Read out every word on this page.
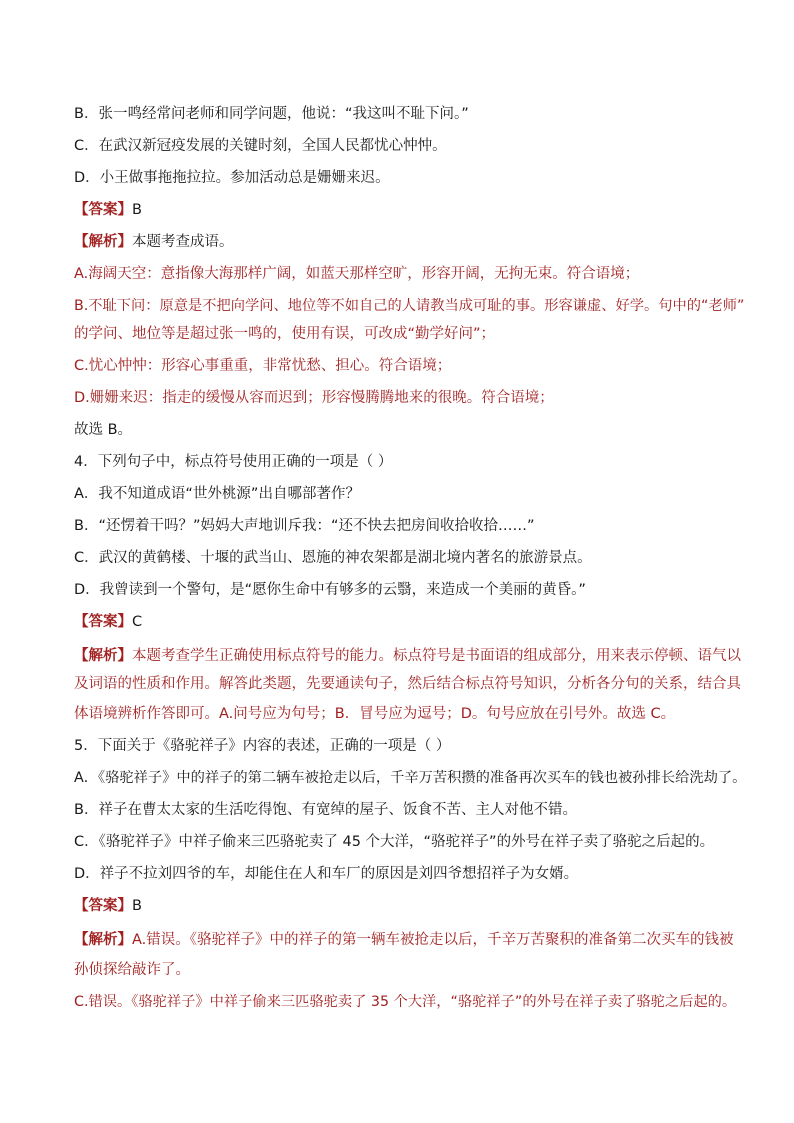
B．张一鸣经常问老师和同学问题，他说：“我这叫不耻下问。”
C．在武汉新冠疫发展的关键时刻，全国人民都忧心忡忡。
D．小王做事拖拖拉拉。参加活动总是姗姗来迟。
【答案】B
【解析】本题考查成语。
A.海阔天空：意指像大海那样广阔，如蓝天那样空旷，形容开阔，无拘无束。符合语境；
B.不耻下问：原意是不把向学问、地位等不如自己的人请教当成可耻的事。形容谦虚、好学。句中的“老师”
的学问、地位等是超过张一鸣的，使用有误，可改成“勤学好问”；
C.忧心忡忡：形容心事重重，非常忧愁、担心。符合语境；
D.姗姗来迟：指走的缓慢从容而迟到；形容慢腾腾地来的很晚。符合语境；
故选 B。
4．下列句子中，标点符号使用正确的一项是（ ）
A．我不知道成语“世外桃源”出自哪部著作？
B．“还愣着干吗？”妈妈大声地训斥我：“还不快去把房间收拾收拾……”
C．武汉的黄鹤楼、十堰的武当山、恩施的神农架都是湖北境内著名的旅游景点。
D．我曾读到一个警句，是“愿你生命中有够多的云翳，来造成一个美丽的黄昏。”
【答案】C
【解析】本题考查学生正确使用标点符号的能力。标点符号是书面语的组成部分，用来表示停顿、语气以
及词语的性质和作用。解答此类题，先要通读句子，然后结合标点符号知识，分析各分句的关系，结合具
体语境辨析作答即可。A.问号应为句号；B．冒号应为逗号；D。句号应放在引号外。故选 C。
5．下面关于《骆驼祥子》内容的表述，正确的一项是（ ）
A．《骆驼祥子》中的祥子的第二辆车被抢走以后，千辛万苦积攒的准备再次买车的钱也被孙排长给洗劫了。
B．祥子在曹太太家的生活吃得饱、有宽绰的屋子、饭食不苦、主人对他不错。
C．《骆驼祥子》中祥子偷来三匹骆驼卖了 45 个大洋，“骆驼祥子”的外号在祥子卖了骆驼之后起的。
D．祥子不拉刘四爷的车，却能住在人和车厂的原因是刘四爷想招祥子为女婿。
【答案】B
【解析】A.错误。《骆驼祥子》中的祥子的第一辆车被抢走以后，千辛万苦聚积的准备第二次买车的钱被
孙侦探给敲诈了。
C.错误。《骆驼祥子》中祥子偷来三匹骆驼卖了 35 个大洋，“骆驼祥子”的外号在祥子卖了骆驼之后起的。
